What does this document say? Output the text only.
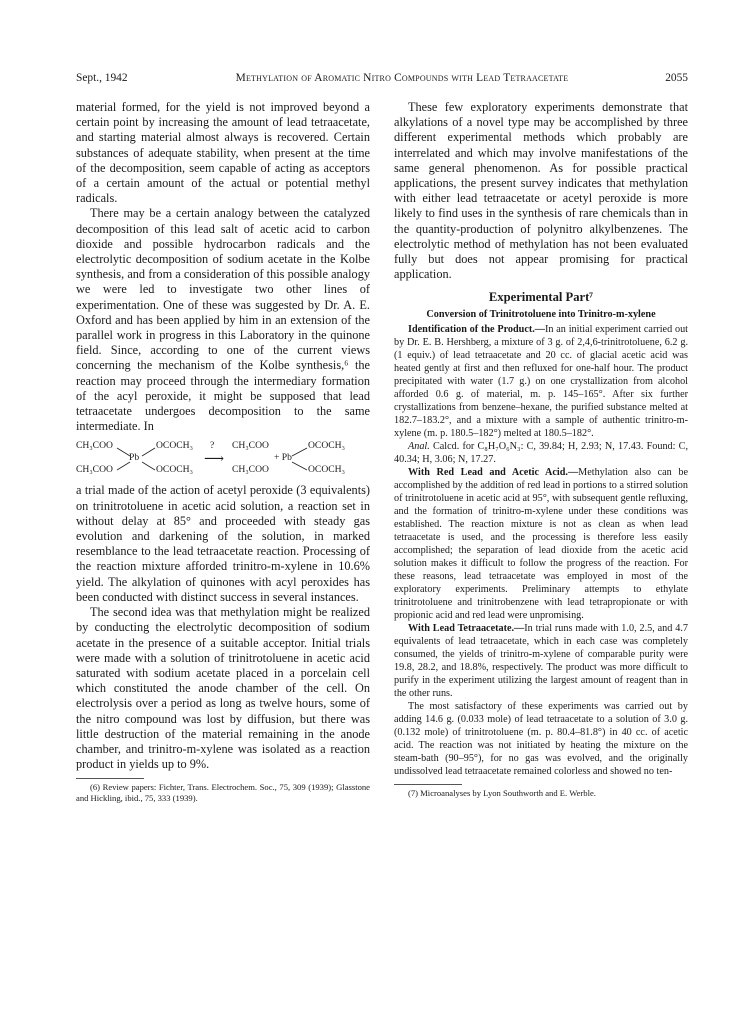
Sept., 1942	Methylation of Aromatic Nitro Compounds with Lead Tetraacetate	2055

material formed, for the yield is not improved beyond a certain point by increasing the amount of lead tetraacetate, and starting material almost always is recovered. Certain substances of adequate stability, when present at the time of the decomposition, seem capable of acting as acceptors of a certain amount of the actual or potential methyl radicals.

There may be a certain analogy between the catalyzed decomposition of this lead salt of acetic acid to carbon dioxide and possible hydrocarbon radicals and the electrolytic decomposition of sodium acetate in the Kolbe synthesis, and from a consideration of this possible analogy we were led to investigate two other lines of experimentation. One of these was suggested by Dr. A. E. Oxford and has been applied by him in an extension of the parallel work in progress in this Laboratory in the quinone field. Since, according to one of the current views concerning the mechanism of the Kolbe synthesis,⁶ the reaction may proceed through the intermediary formation of the acyl peroxide, it might be supposed that lead tetraacetate undergoes decomposition to the same intermediate. In

CH₃COO
CH₃COO
Pb
OCOCH₃
OCOCH₃
?
⟶
CH₃COO
CH₃COO
+ Pb
OCOCH₃
OCOCH₃

a trial made of the action of acetyl peroxide (3 equivalents) on trinitrotoluene in acetic acid solution, a reaction set in without delay at 85° and proceeded with steady gas evolution and darkening of the solution, in marked resemblance to the lead tetraacetate reaction. Processing of the reaction mixture afforded trinitro-m-xylene in 10.6% yield. The alkylation of quinones with acyl peroxides has been conducted with distinct success in several instances.

The second idea was that methylation might be realized by conducting the electrolytic decomposition of sodium acetate in the presence of a suitable acceptor. Initial trials were made with a solution of trinitrotoluene in acetic acid saturated with sodium acetate placed in a porcelain cell which constituted the anode chamber of the cell. On electrolysis over a period as long as twelve hours, some of the nitro compound was lost by diffusion, but there was little destruction of the material remaining in the anode chamber, and trinitro-m-xylene was isolated as a reaction product in yields up to 9%.

(6) Review papers: Fichter, Trans. Electrochem. Soc., 75, 309 (1939); Glasstone and Hickling, ibid., 75, 333 (1939).

These few exploratory experiments demonstrate that alkylations of a novel type may be accomplished by three different experimental methods which probably are interrelated and which may involve manifestations of the same general phenomenon. As for possible practical applications, the present survey indicates that methylation with either lead tetraacetate or acetyl peroxide is more likely to find uses in the synthesis of rare chemicals than in the quantity-production of polynitro alkylbenzenes. The electrolytic method of methylation has not been evaluated fully but does not appear promising for practical application.

Experimental Part⁷
Conversion of Trinitrotoluene into Trinitro-m-xylene

Identification of the Product.—In an initial experiment carried out by Dr. E. B. Hershberg, a mixture of 3 g. of 2,4,6-trinitrotoluene, 6.2 g. (1 equiv.) of lead tetraacetate and 20 cc. of glacial acetic acid was heated gently at first and then refluxed for one-half hour. The product precipitated with water (1.7 g.) on one crystallization from alcohol afforded 0.6 g. of material, m. p. 145–165°. After six further crystallizations from benzene–hexane, the purified substance melted at 182.7–183.2°, and a mixture with a sample of authentic trinitro-m-xylene (m. p. 180.5–182°) melted at 180.5–182°.

Anal. Calcd. for C₈H₇O₆N₃: C, 39.84; H, 2.93; N, 17.43. Found: C, 40.34; H, 3.06; N, 17.27.

With Red Lead and Acetic Acid.—Methylation also can be accomplished by the addition of red lead in portions to a stirred solution of trinitrotoluene in acetic acid at 95°, with subsequent gentle refluxing, and the formation of trinitro-m-xylene under these conditions was established. The reaction mixture is not as clean as when lead tetraacetate is used, and the processing is therefore less easily accomplished; the separation of lead dioxide from the acetic acid solution makes it difficult to follow the progress of the reaction. For these reasons, lead tetraacetate was employed in most of the exploratory experiments. Preliminary attempts to ethylate trinitrotoluene and trinitrobenzene with lead tetrapropionate or with propionic acid and red lead were unpromising.

With Lead Tetraacetate.—In trial runs made with 1.0, 2.5, and 4.7 equivalents of lead tetraacetate, which in each case was completely consumed, the yields of trinitro-m-xylene of comparable purity were 19.8, 28.2, and 18.8%, respectively. The product was more difficult to purify in the experiment utilizing the largest amount of reagent than in the other runs.

The most satisfactory of these experiments was carried out by adding 14.6 g. (0.033 mole) of lead tetraacetate to a solution of 3.0 g. (0.132 mole) of trinitrotoluene (m. p. 80.4–81.8°) in 40 cc. of acetic acid. The reaction was not initiated by heating the mixture on the steam-bath (90–95°), for no gas was evolved, and the originally undissolved lead tetraacetate remained colorless and showed no ten-

(7) Microanalyses by Lyon Southworth and E. Werble.
